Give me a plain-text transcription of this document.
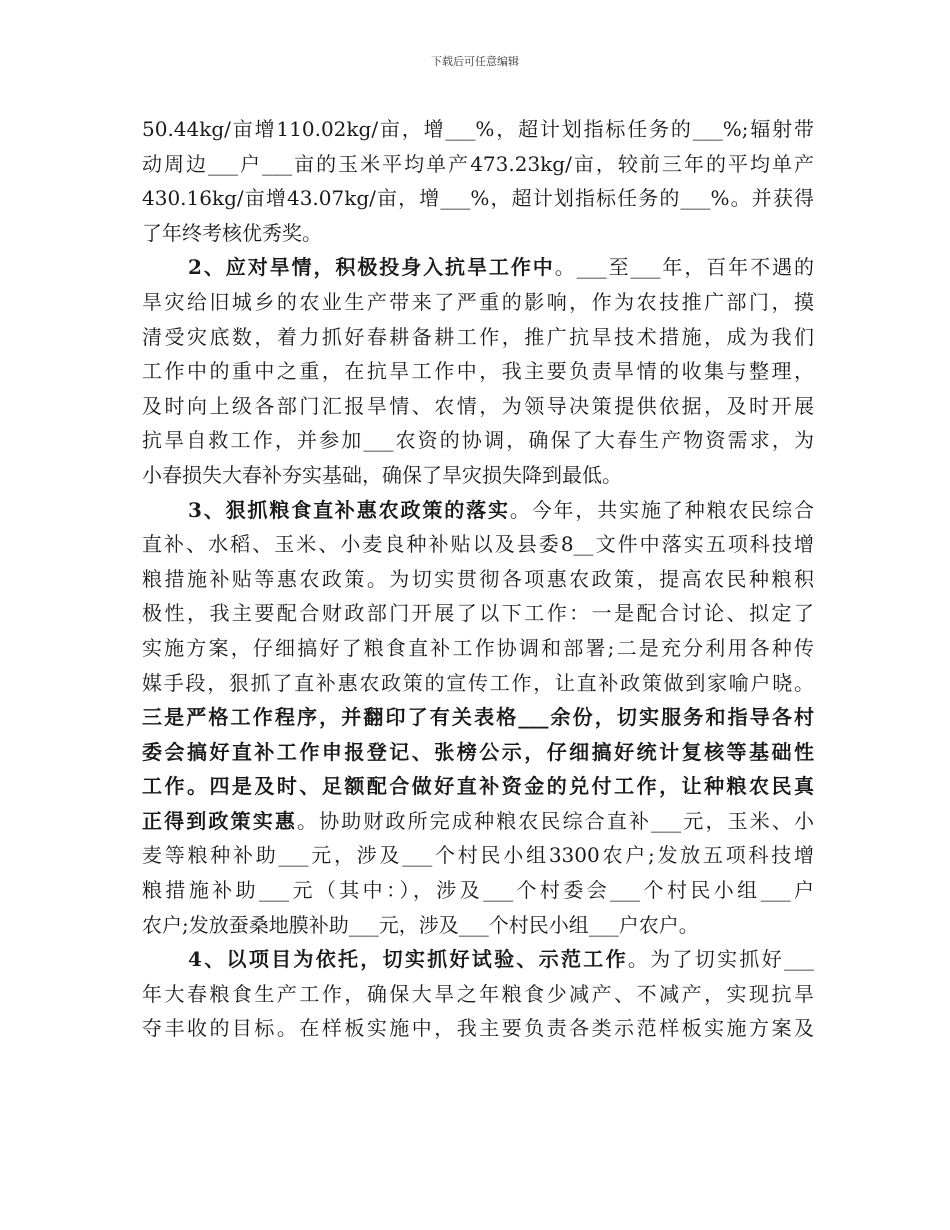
下载后可任意编辑
50.44kg/亩增110.02kg/亩，增___%，超计划指标任务的___%;辐射带
动周边___户___亩的玉米平均单产473.23kg/亩，较前三年的平均单产
430.16kg/亩增43.07kg/亩，增___%，超计划指标任务的___%。并获得
了年终考核优秀奖。
2、应对旱情，积极投身入抗旱工作中。___至___年，百年不遇的
旱灾给旧城乡的农业生产带来了严重的影响，作为农技推广部门，摸
清受灾底数，着力抓好春耕备耕工作，推广抗旱技术措施，成为我们
工作中的重中之重，在抗旱工作中，我主要负责旱情的收集与整理，
及时向上级各部门汇报旱情、农情，为领导决策提供依据，及时开展
抗旱自救工作，并参加___农资的协调，确保了大春生产物资需求，为
小春损失大春补夯实基础，确保了旱灾损失降到最低。
3、狠抓粮食直补惠农政策的落实。今年，共实施了种粮农民综合
直补、水稻、玉米、小麦良种补贴以及县委8__文件中落实五项科技增
粮措施补贴等惠农政策。为切实贯彻各项惠农政策，提高农民种粮积
极性，我主要配合财政部门开展了以下工作：一是配合讨论、拟定了
实施方案，仔细搞好了粮食直补工作协调和部署;二是充分利用各种传
媒手段，狠抓了直补惠农政策的宣传工作，让直补政策做到家喻户晓。
三是严格工作程序，并翻印了有关表格___余份，切实服务和指导各村
委会搞好直补工作申报登记、张榜公示，仔细搞好统计复核等基础性
工作。四是及时、足额配合做好直补资金的兑付工作，让种粮农民真
正得到政策实惠。协助财政所完成种粮农民综合直补___元，玉米、小
麦等粮种补助___元，涉及___个村民小组3300农户;发放五项科技增
粮措施补助___元（其中：），涉及___个村委会___个村民小组___户
农户;发放蚕桑地膜补助___元，涉及___个村民小组___户农户。
4、以项目为依托，切实抓好试验、示范工作。为了切实抓好___
年大春粮食生产工作，确保大旱之年粮食少减产、不减产，实现抗旱
夺丰收的目标。在样板实施中，我主要负责各类示范样板实施方案及
